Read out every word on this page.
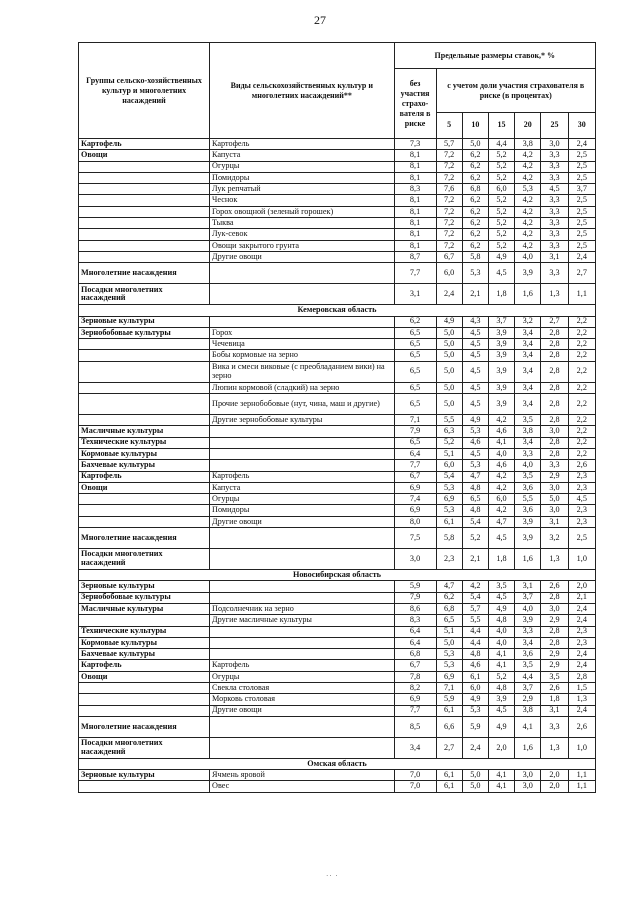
27
Группы сельско-хозяйственных культур и многолетних насаждений	Виды сельскохозяйственных культур и многолетних насаждений**	Предельные размеры ставок,* %						
		без участия страхо-вателя в риске	с учетом доли участия страхователя в риске (в процентах)					
			5	10	15	20	25	30
Картофель	Картофель	7,3	5,7	5,0	4,4	3,8	3,0	2,4
Овощи	Капуста	8,1	7,2	6,2	5,2	4,2	3,3	2,5
	Огурцы	8,1	7,2	6,2	5,2	4,2	3,3	2,5
	Помидоры	8,1	7,2	6,2	5,2	4,2	3,3	2,5
	Лук репчатый	8,3	7,6	6,8	6,0	5,3	4,5	3,7
	Чеснок	8,1	7,2	6,2	5,2	4,2	3,3	2,5
	Горох овощной (зеленый горошек)	8,1	7,2	6,2	5,2	4,2	3,3	2,5
	Тыква	8,1	7,2	6,2	5,2	4,2	3,3	2,5
	Лук-севок	8,1	7,2	6,2	5,2	4,2	3,3	2,5
	Овощи закрытого грунта	8,1	7,2	6,2	5,2	4,2	3,3	2,5
	Другие овощи	8,7	6,7	5,8	4,9	4,0	3,1	2,4
Многолетние насаждения		7,7	6,0	5,3	4,5	3,9	3,3	2,7
Посадки многолетних насаждений		3,1	2,4	2,1	1,8	1,6	1,3	1,1
Кемеровская область								
Зерновые культуры		6,2	4,9	4,3	3,7	3,2	2,7	2,2
Зернобобовые культуры	Горох	6,5	5,0	4,5	3,9	3,4	2,8	2,2
	Чечевица	6,5	5,0	4,5	3,9	3,4	2,8	2,2
	Бобы кормовые на зерно	6,5	5,0	4,5	3,9	3,4	2,8	2,2
	Вика и смеси виковые (с преобладанием вики) на зерно	6,5	5,0	4,5	3,9	3,4	2,8	2,2
	Люпин кормовой (сладкий) на зерно	6,5	5,0	4,5	3,9	3,4	2,8	2,2
	Прочие зернобобовые (нут, чина, маш и другие)	6,5	5,0	4,5	3,9	3,4	2,8	2,2
	Другие зернобобовые культуры	7,1	5,5	4,9	4,2	3,5	2,8	2,2
Масличные культуры		7,9	6,3	5,3	4,6	3,8	3,0	2,2
Технические культуры		6,5	5,2	4,6	4,1	3,4	2,8	2,2
Кормовые культуры		6,4	5,1	4,5	4,0	3,3	2,8	2,2
Бахчевые культуры		7,7	6,0	5,3	4,6	4,0	3,3	2,6
Картофель	Картофель	6,7	5,4	4,7	4,2	3,5	2,9	2,3
Овощи	Капуста	6,9	5,3	4,8	4,2	3,6	3,0	2,3
	Огурцы	7,4	6,9	6,5	6,0	5,5	5,0	4,5
	Помидоры	6,9	5,3	4,8	4,2	3,6	3,0	2,3
	Другие овощи	8,0	6,1	5,4	4,7	3,9	3,1	2,3
Многолетние насаждения		7,5	5,8	5,2	4,5	3,9	3,2	2,5
Посадки многолетних насаждений		3,0	2,3	2,1	1,8	1,6	1,3	1,0
Новосибирская область								
Зерновые культуры		5,9	4,7	4,2	3,5	3,1	2,6	2,0
Зернобобовые культуры		7,9	6,2	5,4	4,5	3,7	2,8	2,1
Масличные культуры	Подсолнечник на зерно	8,6	6,8	5,7	4,9	4,0	3,0	2,4
	Другие масличные культуры	8,3	6,5	5,5	4,8	3,9	2,9	2,4
Технические культуры		6,4	5,1	4,4	4,0	3,3	2,8	2,3
Кормовые культуры		6,4	5,0	4,4	4,0	3,4	2,8	2,3
Бахчевые культуры		6,8	5,3	4,8	4,1	3,6	2,9	2,4
Картофель	Картофель	6,7	5,3	4,6	4,1	3,5	2,9	2,4
Овощи	Огурцы	7,8	6,9	6,1	5,2	4,4	3,5	2,8
	Свекла столовая	8,2	7,1	6,0	4,8	3,7	2,6	1,5
	Морковь столовая	6,9	5,9	4,9	3,9	2,9	1,8	1,3
	Другие овощи	7,7	6,1	5,3	4,5	3,8	3,1	2,4
Многолетние насаждения		8,5	6,6	5,9	4,9	4,1	3,3	2,6
Посадки многолетних насаждений		3,4	2,7	2,4	2,0	1,6	1,3	1,0
Омская область								
Зерновые культуры	Ячмень яровой	7,0	6,1	5,0	4,1	3,0	2,0	1,1
	Овес	7,0	6,1	5,0	4,1	3,0	2,0	1,1
·· ·
